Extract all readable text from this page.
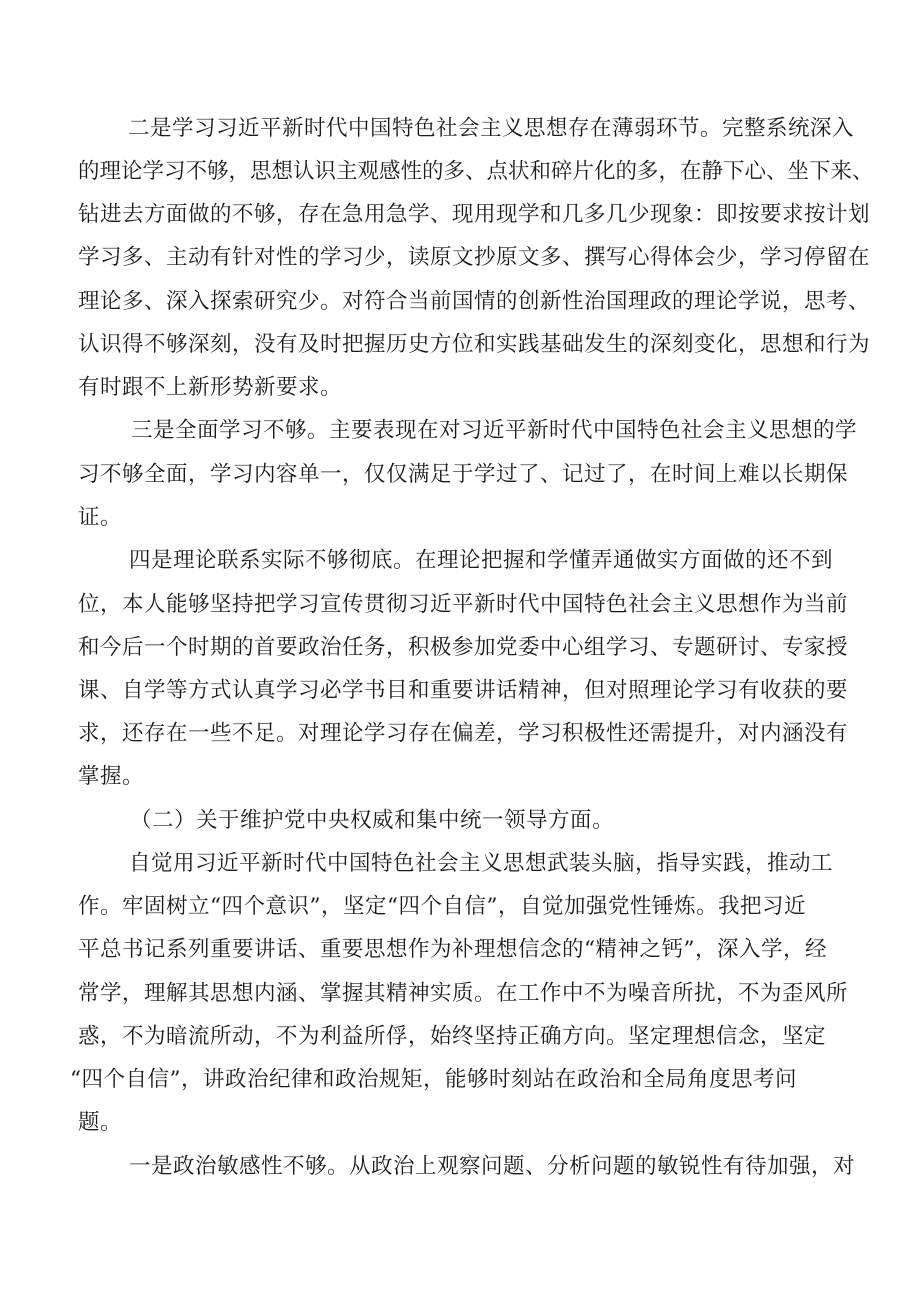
二是学习习近平新时代中国特色社会主义思想存在薄弱环节。完整系统深入
的理论学习不够，思想认识主观感性的多、点状和碎片化的多，在静下心、坐下来、
钻进去方面做的不够，存在急用急学、现用现学和几多几少现象：即按要求按计划
学习多、主动有针对性的学习少，读原文抄原文多、撰写心得体会少，学习停留在
理论多、深入探索研究少。对符合当前国情的创新性治国理政的理论学说，思考、
认识得不够深刻，没有及时把握历史方位和实践基础发生的深刻变化，思想和行为
有时跟不上新形势新要求。
三是全面学习不够。主要表现在对习近平新时代中国特色社会主义思想的学
习不够全面，学习内容单一，仅仅满足于学过了、记过了，在时间上难以长期保
证。
四是理论联系实际不够彻底。在理论把握和学懂弄通做实方面做的还不到
位，本人能够坚持把学习宣传贯彻习近平新时代中国特色社会主义思想作为当前
和今后一个时期的首要政治任务，积极参加党委中心组学习、专题研讨、专家授
课、自学等方式认真学习必学书目和重要讲话精神，但对照理论学习有收获的要
求，还存在一些不足。对理论学习存在偏差，学习积极性还需提升，对内涵没有
掌握。
（二）关于维护党中央权威和集中统一领导方面。
自觉用习近平新时代中国特色社会主义思想武装头脑，指导实践，推动工
作。牢固树立“四个意识”，坚定“四个自信”，自觉加强党性锤炼。我把习近
平总书记系列重要讲话、重要思想作为补理想信念的“精神之钙”，深入学，经
常学，理解其思想内涵、掌握其精神实质。在工作中不为噪音所扰，不为歪风所
惑，不为暗流所动，不为利益所俘，始终坚持正确方向。坚定理想信念，坚定
“四个自信”，讲政治纪律和政治规矩，能够时刻站在政治和全局角度思考问
题。
一是政治敏感性不够。从政治上观察问题、分析问题的敏锐性有待加强，对
